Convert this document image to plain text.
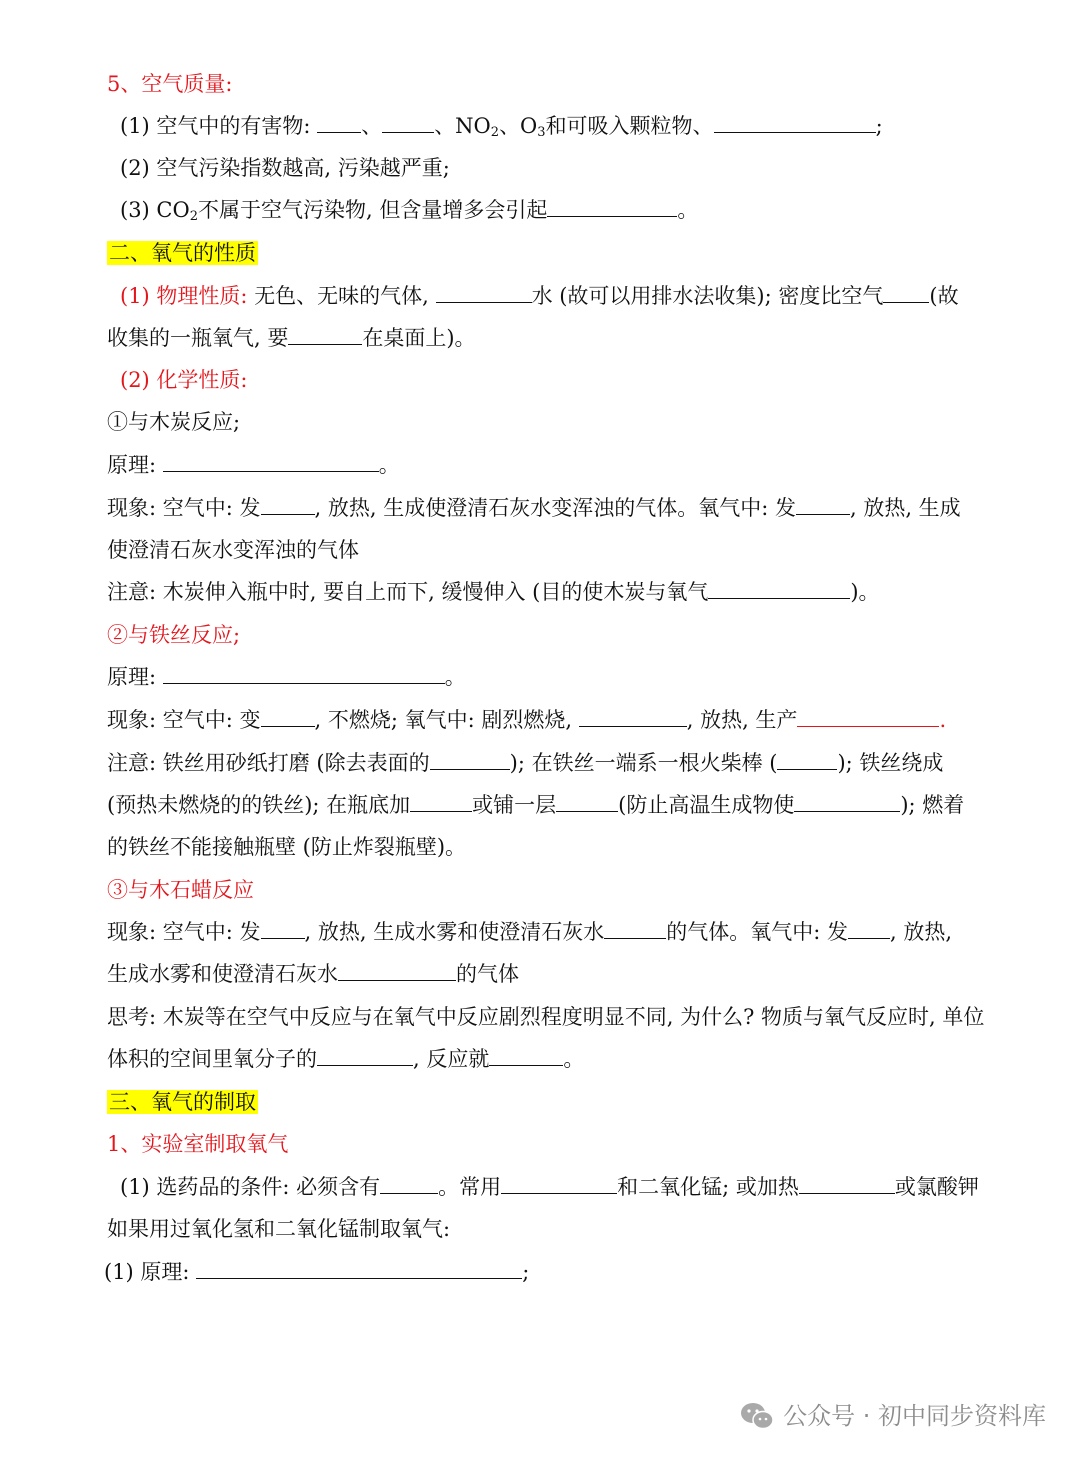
5、空气质量:
(1) 空气中的有害物: 、 、$NO_2$、$O_3$和可吸入颗粒物、	;
(2) 空气污染指数越高, 污染越严重;
(3) $CO_2$不属于空气污染物, 但含量增多会引起	。
二、氧气的性质
(1) 物理性质: 无色、无味的气体,	水 (故可以用排水法收集); 密度比空气 (故
收集的一瓶氧气, 要	在桌面上)。
(2) 化学性质:
①与木炭反应;
原理:	。
现象: 空气中: 发	, 放热, 生成使澄清石灰水变浑浊的气体。氧气中: 发	, 放热, 生成
使澄清石灰水变浑浊的气体
注意: 木炭伸入瓶中时, 要自上而下, 缓慢伸入 (目的使木炭与氧气	)。
②与铁丝反应;
原理:	。
现象: 空气中: 变	, 不燃烧; 氧气中: 剧烈燃烧,	, 放热, 生产	.
注意: 铁丝用砂纸打磨 (除去表面的	); 在铁丝一端系一根火柴棒 (	); 铁丝绕成
(预热未燃烧的的铁丝); 在瓶底加	或铺一层	(防止高温生成物使	); 燃着
的铁丝不能接触瓶壁 (防止炸裂瓶壁)。
③与木石蜡反应
现象: 空气中: 发 , 放热, 生成水雾和使澄清石灰水	的气体。氧气中: 发 , 放热,
生成水雾和使澄清石灰水	的气体
思考: 木炭等在空气中反应与在氧气中反应剧烈程度明显不同, 为什么? 物质与氧气反应时, 单位
体积的空间里氧分子的	, 反应就	。
三、氧气的制取
1、实验室制取氧气
(1) 选药品的条件: 必须含有	。常用	和二氧化锰; 或加热	或氯酸钾
如果用过氧化氢和二氧化锰制取氧气:
(1) 原理:	;
公众号 · 初中同步资料库
